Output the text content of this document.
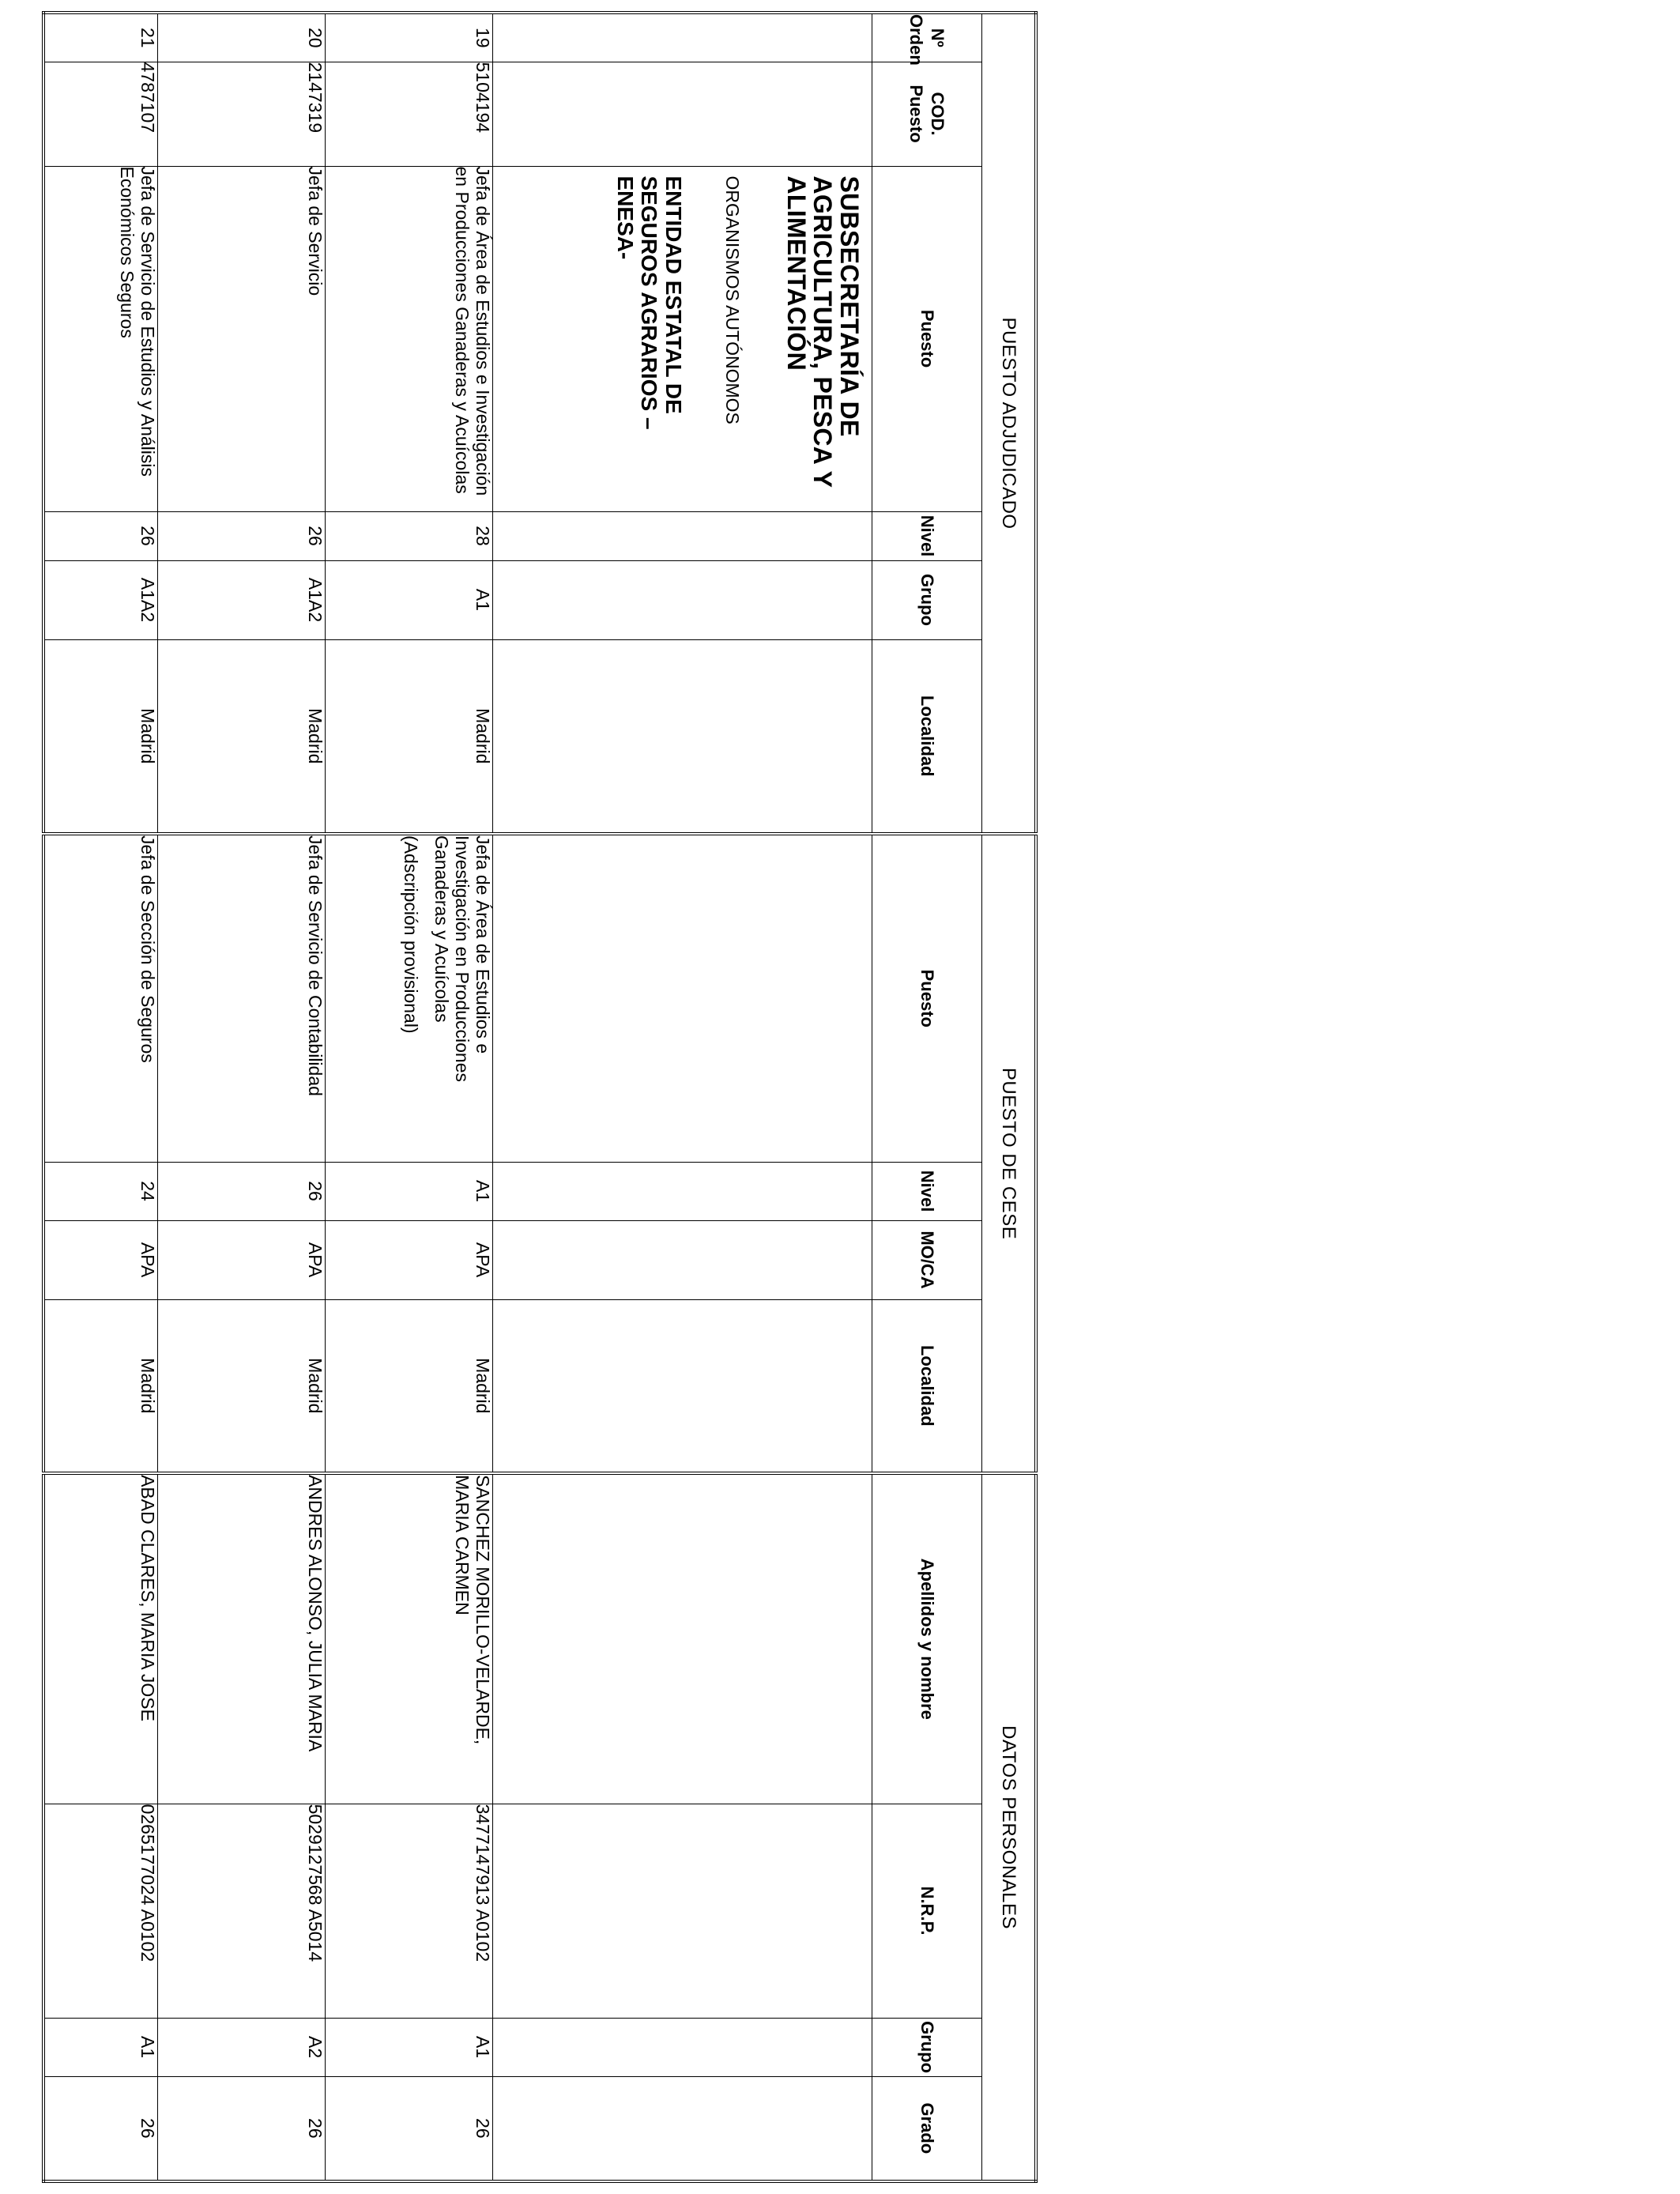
PUESTO ADJUDICADO						PUESTO DE CESE				DATOS PERSONALES			
Nº Orden	COD. Puesto	Puesto	Nivel	Grupo	Localidad	Puesto	Nivel	MO/CA	Localidad	Apellidos y nombre	N.R.P.	Grupo	Grado

		SUBSECRETARÍA DE AGRICULTURA, PESCA Y ALIMENTACIÓN
ORGANISMOS AUTÓNOMOS
ENTIDAD ESTATAL DE SEGUROS AGRARIOS – ENESA-											

19	5104194	Jefa de Área de Estudios e Investigación en Producciones Ganaderas y Acuícolas	28	A1	Madrid	Jefa de Área de Estudios e Investigación en Producciones Ganaderas y Acuícolas
(Adscripción provisional)	A1	APA	Madrid	SANCHEZ MORILLO-VELARDE, MARIA CARMEN	3477147913 A0102	A1	26
20	2147319	Jefa de Servicio	26	A1A2	Madrid	Jefa de Servicio de Contabilidad	26	APA	Madrid	ANDRES ALONSO, JULIA MARIA	5029127568 A5014	A2	26
21	4787107	Jefa de Servicio de Estudios y Análisis Económicos Seguros	26	A1A2	Madrid	Jefa de Sección de Seguros	24	APA	Madrid	ABAD CLARES, MARIA JOSE	0265177024 A0102	A1	26
